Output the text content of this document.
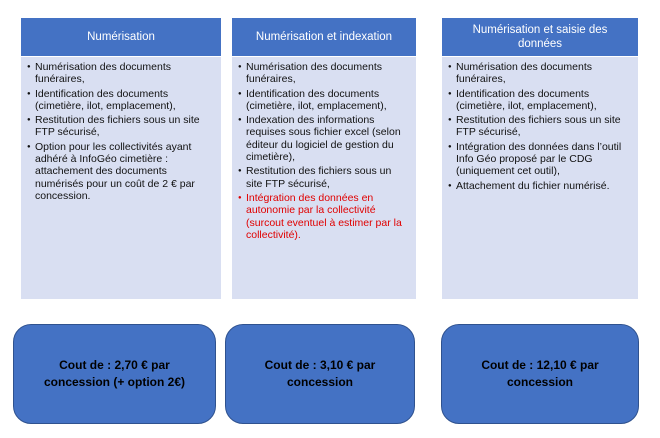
Numérisation
● Numérisation des documents funéraires,
● Identification des documents (cimetière, ilot, emplacement),
● Restitution des fichiers sous un site FTP sécurisé,
● Option pour les collectivités ayant adhéré à InfoGéo cimetière : attachement des documents numérisés pour un coût de 2 € par concession.
Numérisation et indexation
● Numérisation des documents funéraires,
● Identification des documents (cimetière, ilot, emplacement),
● Indexation des informations requises sous fichier excel (selon éditeur du logiciel de gestion du cimetière),
● Restitution des fichiers sous un site FTP sécurisé,
● Intégration des données en autonomie par la collectivité (surcout eventuel à estimer par la collectivité).
Numérisation et saisie des données
● Numérisation des documents funéraires,
● Identification des documents (cimetière, ilot, emplacement),
● Restitution des fichiers sous un site FTP sécurisé,
● Intégration des données dans l’outil Info Géo proposé par le CDG (uniquement cet outil),
● Attachement du fichier numérisé.
Cout de : 2,70 € par concession (+ option 2€)
Cout de : 3,10 € par concession
Cout de : 12,10 € par concession
